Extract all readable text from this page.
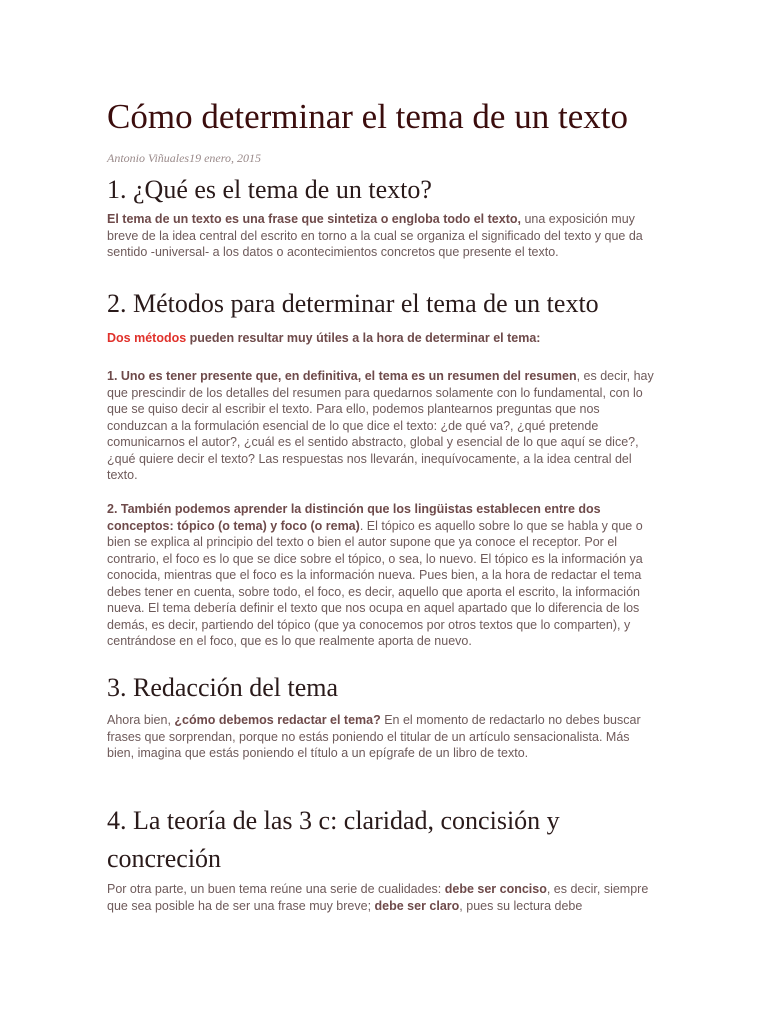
Cómo determinar el tema de un texto
Antonio Viñuales19 enero, 2015
1. ¿Qué es el tema de un texto?

El tema de un texto es una frase que sintetiza o engloba todo el texto, una exposición muy breve de la idea central del escrito en torno a la cual se organiza el significado del texto y que da sentido -universal- a los datos o acontecimientos concretos que presente el texto.

2. Métodos para determinar el tema de un texto

Dos métodos pueden resultar muy útiles a la hora de determinar el tema:

1. Uno es tener presente que, en definitiva, el tema es un resumen del resumen, es decir, hay que prescindir de los detalles del resumen para quedarnos solamente con lo fundamental, con lo que se quiso decir al escribir el texto. Para ello, podemos plantearnos preguntas que nos conduzcan a la formulación esencial de lo que dice el texto: ¿de qué va?, ¿qué pretende comunicarnos el autor?, ¿cuál es el sentido abstracto, global y esencial de lo que aquí se dice?, ¿qué quiere decir el texto? Las respuestas nos llevarán, inequívocamente, a la idea central del texto.

2. También podemos aprender la distinción que los lingüistas establecen entre dos conceptos: tópico (o tema) y foco (o rema). El tópico es aquello sobre lo que se habla y que o bien se explica al principio del texto o bien el autor supone que ya conoce el receptor. Por el contrario, el foco es lo que se dice sobre el tópico, o sea, lo nuevo. El tópico es la información ya conocida, mientras que el foco es la información nueva. Pues bien, a la hora de redactar el tema debes tener en cuenta, sobre todo, el foco, es decir, aquello que aporta el escrito, la información nueva. El tema debería definir el texto que nos ocupa en aquel apartado que lo diferencia de los demás, es decir, partiendo del tópico (que ya conocemos por otros textos que lo comparten), y centrándose en el foco, que es lo que realmente aporta de nuevo.

3. Redacción del tema

Ahora bien, ¿cómo debemos redactar el tema? En el momento de redactarlo no debes buscar frases que sorprendan, porque no estás poniendo el titular de un artículo sensacionalista. Más bien, imagina que estás poniendo el título a un epígrafe de un libro de texto.

4. La teoría de las 3 c: claridad, concisión y concreción

Por otra parte, un buen tema reúne una serie de cualidades: debe ser conciso, es decir, siempre que sea posible ha de ser una frase muy breve; debe ser claro, pues su lectura debe
